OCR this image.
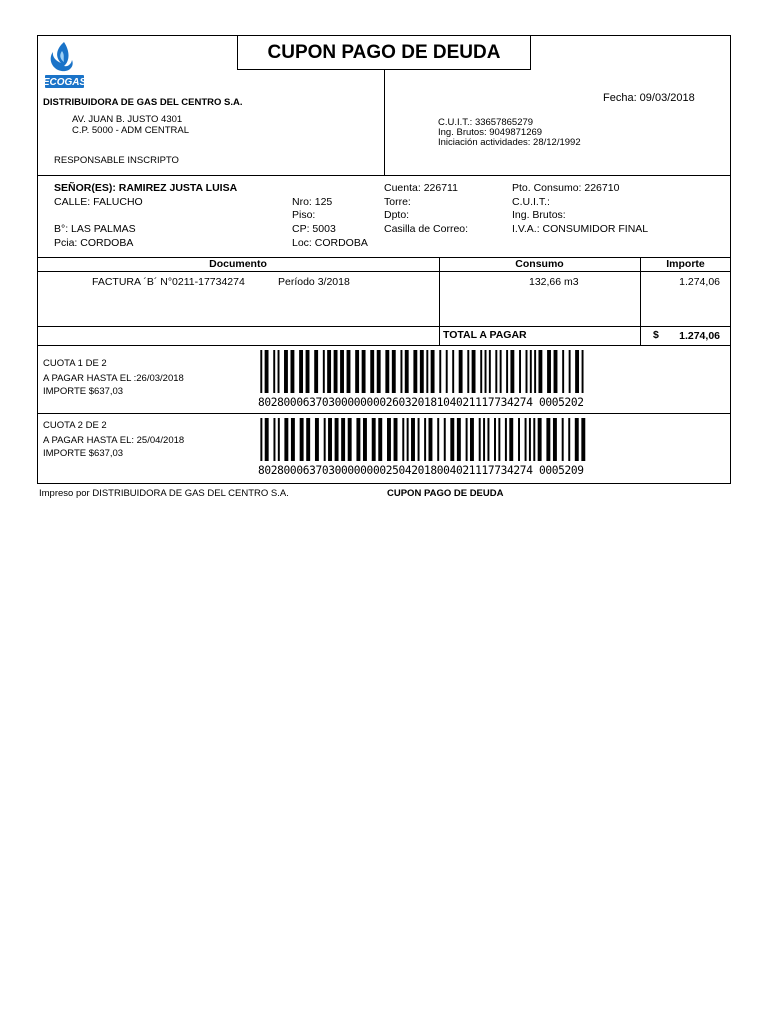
CUPON PAGO DE DEUDA
ECOGAS
DISTRIBUIDORA DE GAS DEL CENTRO S.A.
AV. JUAN B. JUSTO 4301
C.P. 5000 - ADM CENTRAL
RESPONSABLE INSCRIPTO
Fecha: 09/03/2018
C.U.I.T.: 33657865279
Ing. Brutos: 9049871269
Iniciación actividades: 28/12/1992
SEÑOR(ES): RAMIREZ JUSTA LUISA
CALLE: FALUCHO
B°: LAS PALMAS
Pcia: CORDOBA
Nro: 125
Piso:
CP: 5003
Loc: CORDOBA
Cuenta: 226711
Torre:
Dpto:
Casilla de Correo:
Pto. Consumo: 226710
C.U.I.T.:
Ing. Brutos:
I.V.A.: CONSUMIDOR FINAL
Documento	Consumo	Importe
FACTURA ´B´ N°0211-17734274	Período 3/2018	132,66 m3	1.274,06
TOTAL A PAGAR	$	1.274,06
CUOTA 1 DE 2
A PAGAR HASTA EL :26/03/2018
IMPORTE $637,03
8028000637030000000026032018104021117734274 0005202
CUOTA 2 DE 2
A PAGAR HASTA EL: 25/04/2018
IMPORTE $637,03
8028000637030000000025042018004021117734274 0005209
Impreso por DISTRIBUIDORA DE GAS DEL CENTRO S.A.	CUPON PAGO DE DEUDA
